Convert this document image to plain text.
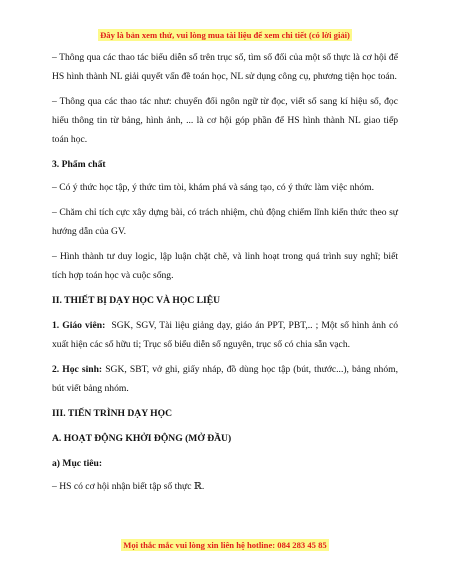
Đây là bản xem thử, vui lòng mua tài liệu để xem chi tiết (có lời giải)

– Thông qua các thao tác biểu diễn số trên trục số, tìm số đối của một số thực là cơ hội để HS hình thành NL giải quyết vấn đề toán học, NL sử dụng công cụ, phương tiện học toán.

– Thông qua các thao tác như: chuyển đổi ngôn ngữ từ đọc, viết số sang kí hiệu số, đọc hiểu thông tin từ bảng, hình ảnh, ... là cơ hội góp phần để HS hình thành NL giao tiếp toán học.

3. Phẩm chất

– Có ý thức học tập, ý thức tìm tòi, khám phá và sáng tạo, có ý thức làm việc nhóm.

– Chăm chỉ tích cực xây dựng bài, có trách nhiệm, chủ động chiếm lĩnh kiến thức theo sự hướng dẫn của GV.

– Hình thành tư duy logic, lập luận chặt chẽ, và linh hoạt trong quá trình suy nghĩ; biết tích hợp toán học và cuộc sống.

II. THIẾT BỊ DẠY HỌC VÀ HỌC LIỆU

1. Giáo viên: SGK, SGV, Tài liệu giảng dạy, giáo án PPT, PBT,.. ; Một số hình ảnh có xuất hiện các số hữu tỉ; Trục số biểu diễn số nguyên, trục số có chia sẵn vạch.

2. Học sinh: SGK, SBT, vở ghi, giấy nháp, đồ dùng học tập (bút, thước...), bảng nhóm, bút viết bảng nhóm.

III. TIẾN TRÌNH DẠY HỌC

A. HOẠT ĐỘNG KHỞI ĐỘNG (MỞ ĐẦU)

a) Mục tiêu:

– HS có cơ hội nhận biết tập số thực ℝ.

Mọi thắc mắc vui lòng xin liên hệ hotline: 084 283 45 85
